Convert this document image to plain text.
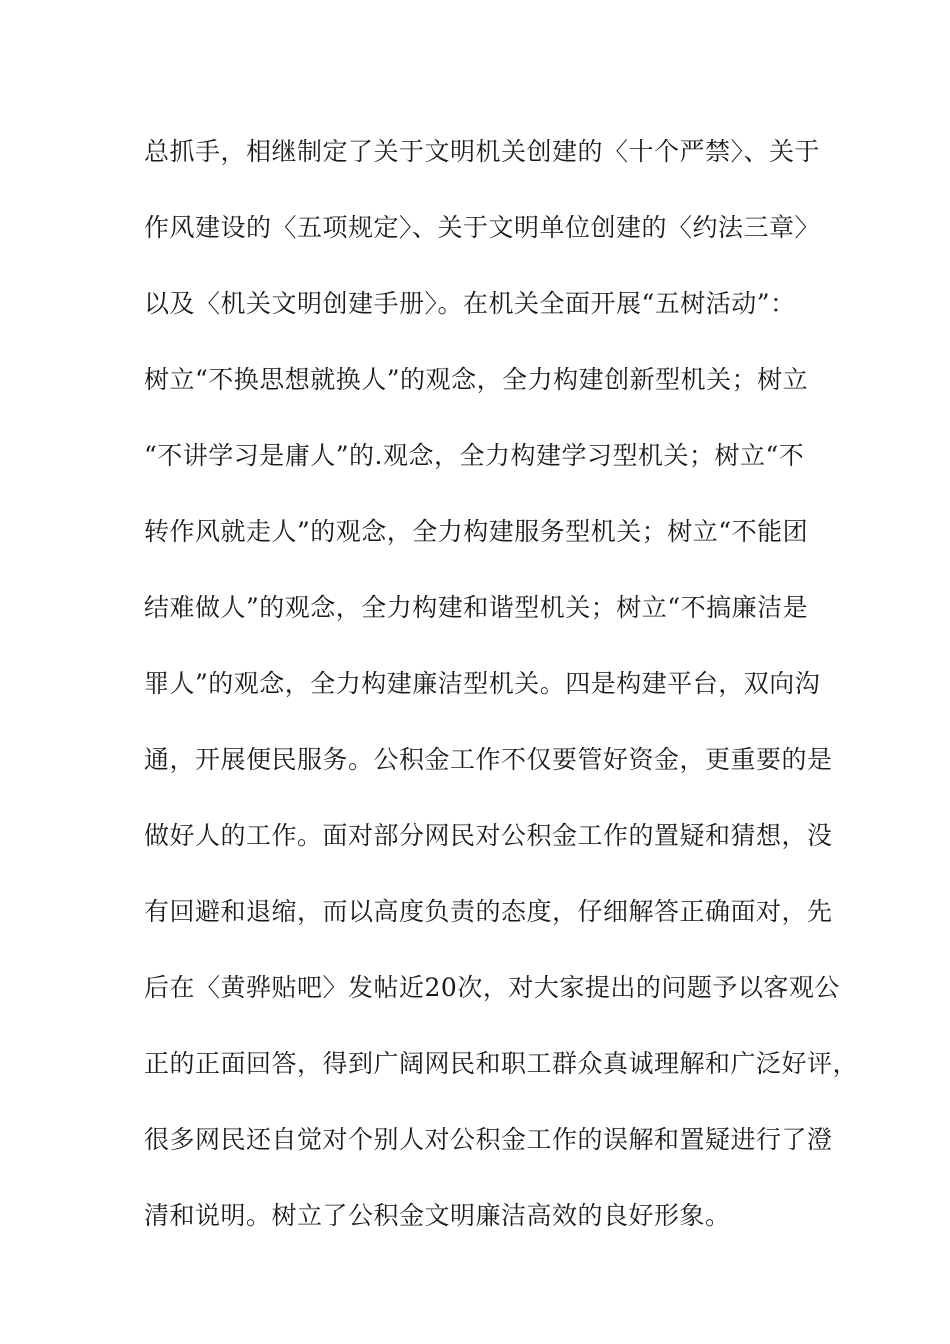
总抓手，相继制定了关于文明机关创建的〈十个严禁〉、关于
作风建设的〈五项规定〉、关于文明单位创建的〈约法三章〉
以及〈机关文明创建手册〉。在机关全面开展“五树活动”：
树立“不换思想就换人”的观念，全力构建创新型机关；树立
“不讲学习是庸人”的.观念，全力构建学习型机关；树立“不
转作风就走人”的观念，全力构建服务型机关；树立“不能团
结难做人”的观念，全力构建和谐型机关；树立“不搞廉洁是
罪人”的观念，全力构建廉洁型机关。四是构建平台，双向沟
通，开展便民服务。公积金工作不仅要管好资金，更重要的是
做好人的工作。面对部分网民对公积金工作的置疑和猜想，没
有回避和退缩，而以高度负责的态度，仔细解答正确面对，先
后在〈黄骅贴吧〉发帖近20次，对大家提出的问题予以客观公
正的正面回答，得到广阔网民和职工群众真诚理解和广泛好评，
很多网民还自觉对个别人对公积金工作的误解和置疑进行了澄
清和说明。树立了公积金文明廉洁高效的良好形象。
